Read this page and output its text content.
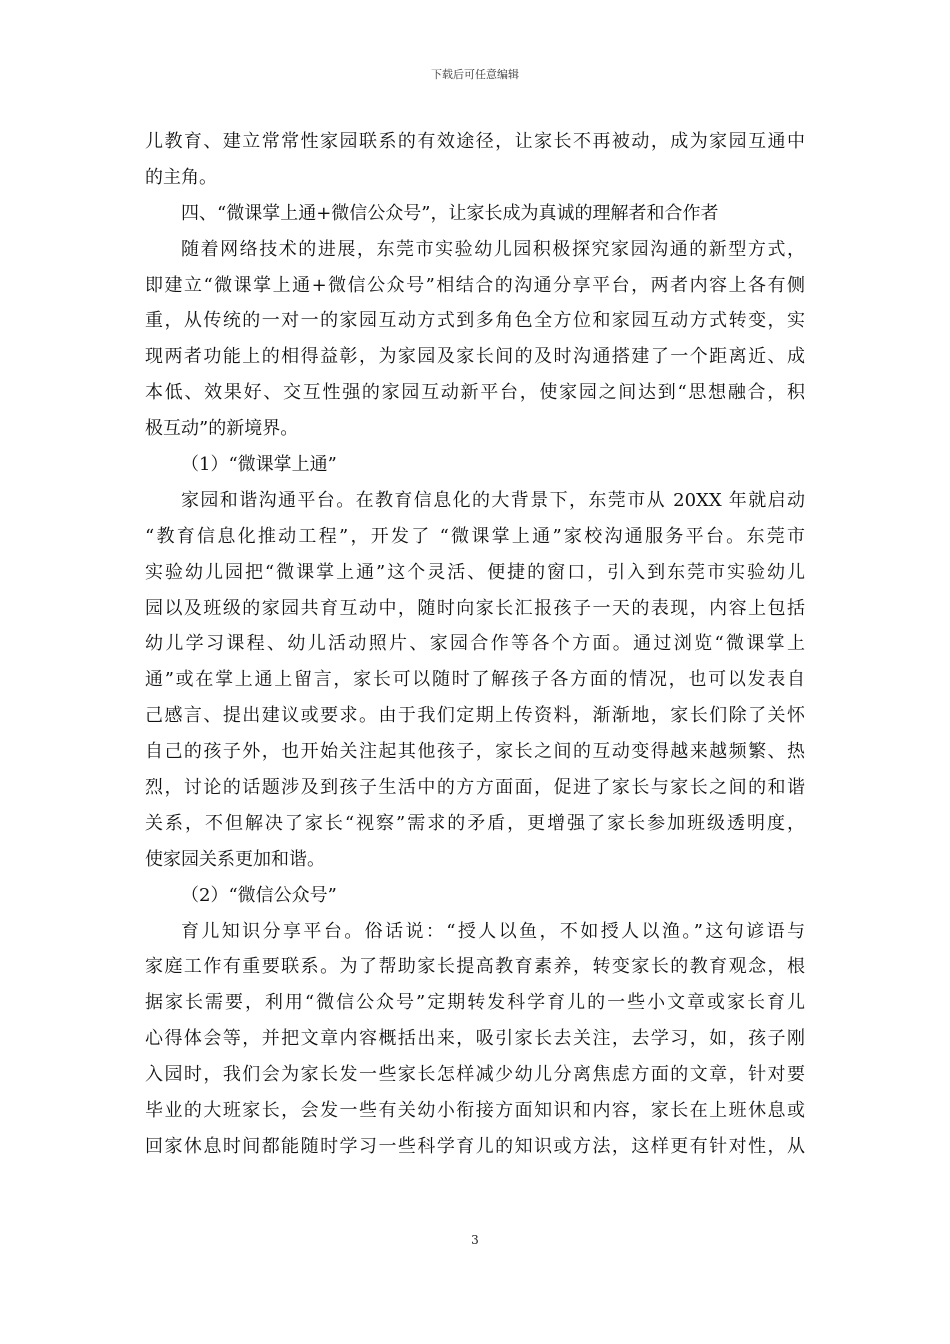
下载后可任意编辑
儿教育、建立常常性家园联系的有效途径，让家长不再被动，成为家园互通中
的主角。
四、“微课掌上通+微信公众号”，让家长成为真诚的理解者和合作者
随着网络技术的进展，东莞市实验幼儿园积极探究家园沟通的新型方式，
即建立“微课掌上通+微信公众号”相结合的沟通分享平台，两者内容上各有侧
重，从传统的一对一的家园互动方式到多角色全方位和家园互动方式转变，实
现两者功能上的相得益彰，为家园及家长间的及时沟通搭建了一个距离近、成
本低、效果好、交互性强的家园互动新平台，使家园之间达到“思想融合，积
极互动”的新境界。
（1）“微课掌上通”
家园和谐沟通平台。在教育信息化的大背景下，东莞市从 20XX 年就启动
“教育信息化推动工程”，开发了 “微课掌上通”家校沟通服务平台。东莞市
实验幼儿园把“微课掌上通”这个灵活、便捷的窗口，引入到东莞市实验幼儿
园以及班级的家园共育互动中，随时向家长汇报孩子一天的表现，内容上包括
幼儿学习课程、幼儿活动照片、家园合作等各个方面。通过浏览“微课掌上
通”或在掌上通上留言，家长可以随时了解孩子各方面的情况，也可以发表自
己感言、提出建议或要求。由于我们定期上传资料，渐渐地，家长们除了关怀
自己的孩子外，也开始关注起其他孩子，家长之间的互动变得越来越频繁、热
烈，讨论的话题涉及到孩子生活中的方方面面，促进了家长与家长之间的和谐
关系，不但解决了家长“视察”需求的矛盾，更增强了家长参加班级透明度，
使家园关系更加和谐。
（2）“微信公众号”
育儿知识分享平台。俗话说：“授人以鱼，不如授人以渔。”这句谚语与
家庭工作有重要联系。为了帮助家长提高教育素养，转变家长的教育观念，根
据家长需要，利用“微信公众号”定期转发科学育儿的一些小文章或家长育儿
心得体会等，并把文章内容概括出来，吸引家长去关注，去学习，如，孩子刚
入园时，我们会为家长发一些家长怎样减少幼儿分离焦虑方面的文章，针对要
毕业的大班家长，会发一些有关幼小衔接方面知识和内容，家长在上班休息或
回家休息时间都能随时学习一些科学育儿的知识或方法，这样更有针对性，从
3
